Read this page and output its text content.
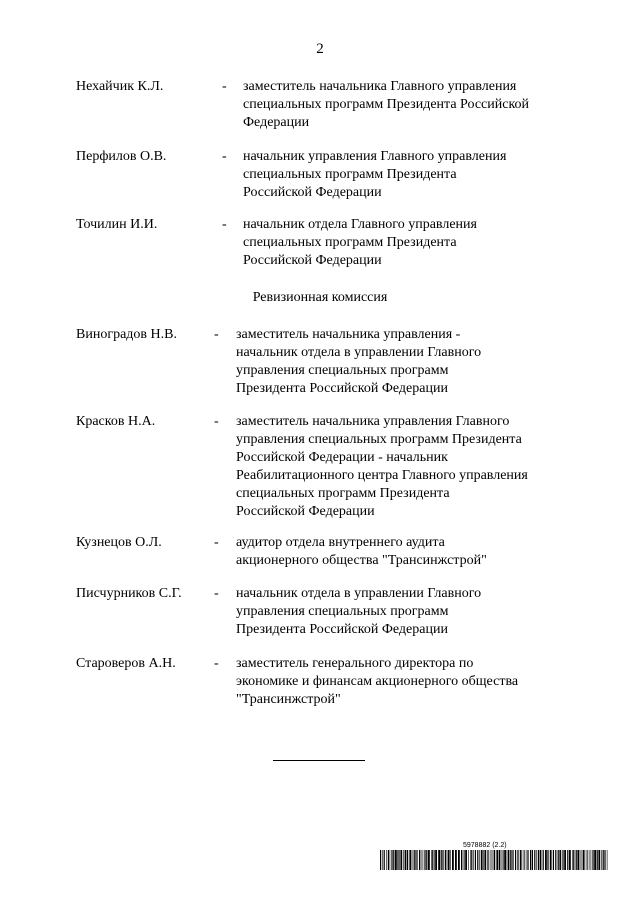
2
Нехайчик К.Л.	- заместитель начальника Главного управления
специальных программ Президента Российской
Федерации
Перфилов О.В.	- начальник управления Главного управления
специальных программ Президента
Российской Федерации
Точилин И.И.	- начальник отдела Главного управления
специальных программ Президента
Российской Федерации
Ревизионная комиссия
Виноградов Н.В.	- заместитель начальника управления -
начальник отдела в управлении Главного
управления специальных программ
Президента Российской Федерации
Красков Н.А.	- заместитель начальника управления Главного
управления специальных программ Президента
Российской Федерации - начальник
Реабилитационного центра Главного управления
специальных программ Президента
Российской Федерации
Кузнецов О.Л.	- аудитор отдела внутреннего аудита
акционерного общества "Трансинжстрой"
Писчурников С.Г. - начальник отдела в управлении Главного
управления специальных программ
Президента Российской Федерации
Староверов А.Н.	- заместитель генерального директора по
экономике и финансам акционерного общества
"Трансинжстрой"
5978882 (2.2)
